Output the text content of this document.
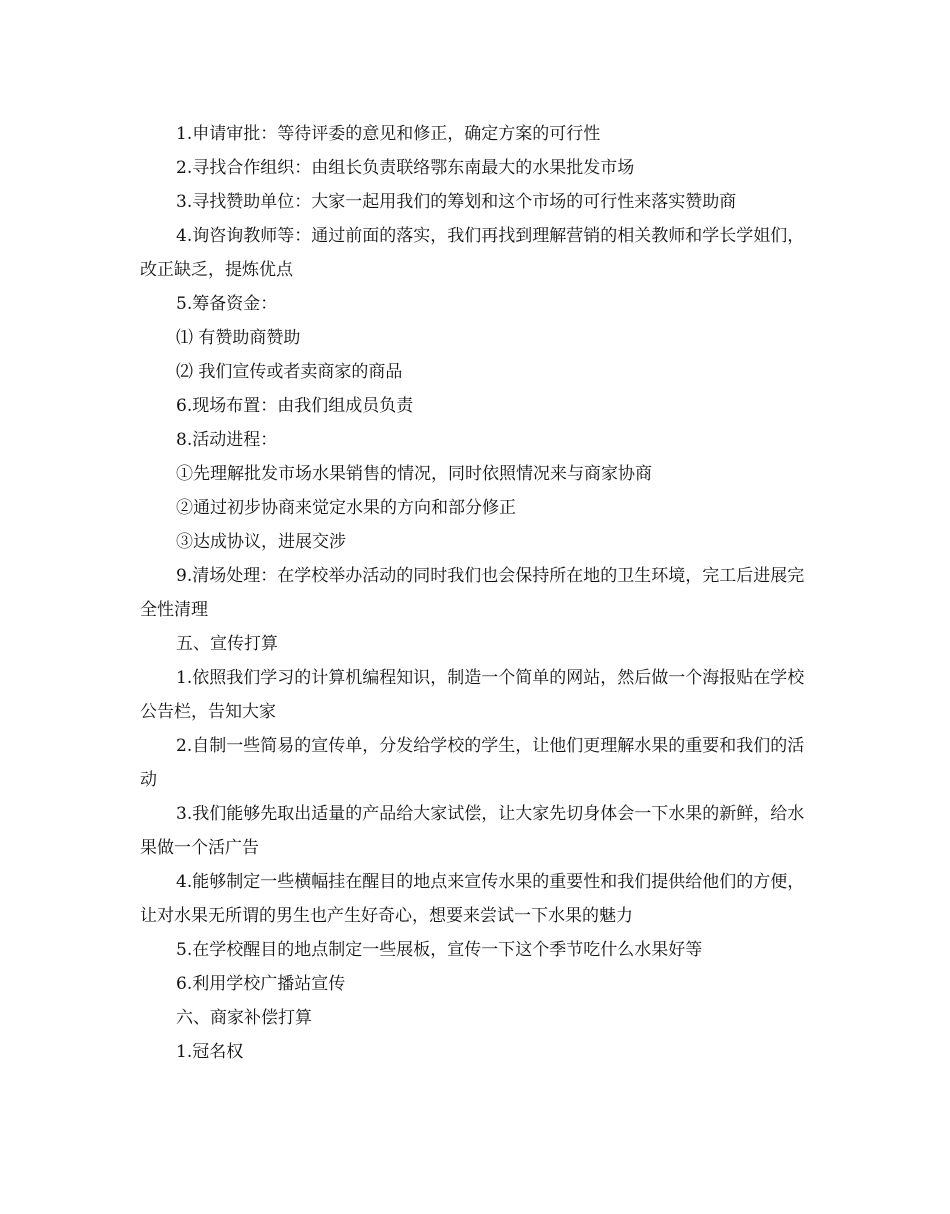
1.申请审批：等待评委的意见和修正，确定方案的可行性

2.寻找合作组织：由组长负责联络鄂东南最大的水果批发市场

3.寻找赞助单位：大家一起用我们的筹划和这个市场的可行性来落实赞助商

4.询咨询教师等：通过前面的落实，我们再找到理解营销的相关教师和学长学姐们，改正缺乏，提炼优点

5.筹备资金：

⑴ 有赞助商赞助

⑵ 我们宣传或者卖商家的商品

6.现场布置：由我们组成员负责

8.活动进程：

①先理解批发市场水果销售的情况，同时依照情况来与商家协商

②通过初步协商来觉定水果的方向和部分修正

③达成协议，进展交涉

9.清场处理：在学校举办活动的同时我们也会保持所在地的卫生环境，完工后进展完全性清理

五、宣传打算

1.依照我们学习的计算机编程知识，制造一个简单的网站，然后做一个海报贴在学校公告栏，告知大家

2.自制一些简易的宣传单，分发给学校的学生，让他们更理解水果的重要和我们的活动

3.我们能够先取出适量的产品给大家试偿，让大家先切身体会一下水果的新鲜，给水果做一个活广告

4.能够制定一些横幅挂在醒目的地点来宣传水果的重要性和我们提供给他们的方便，让对水果无所谓的男生也产生好奇心，想要来尝试一下水果的魅力

5.在学校醒目的地点制定一些展板，宣传一下这个季节吃什么水果好等

6.利用学校广播站宣传

六、商家补偿打算

1.冠名权
